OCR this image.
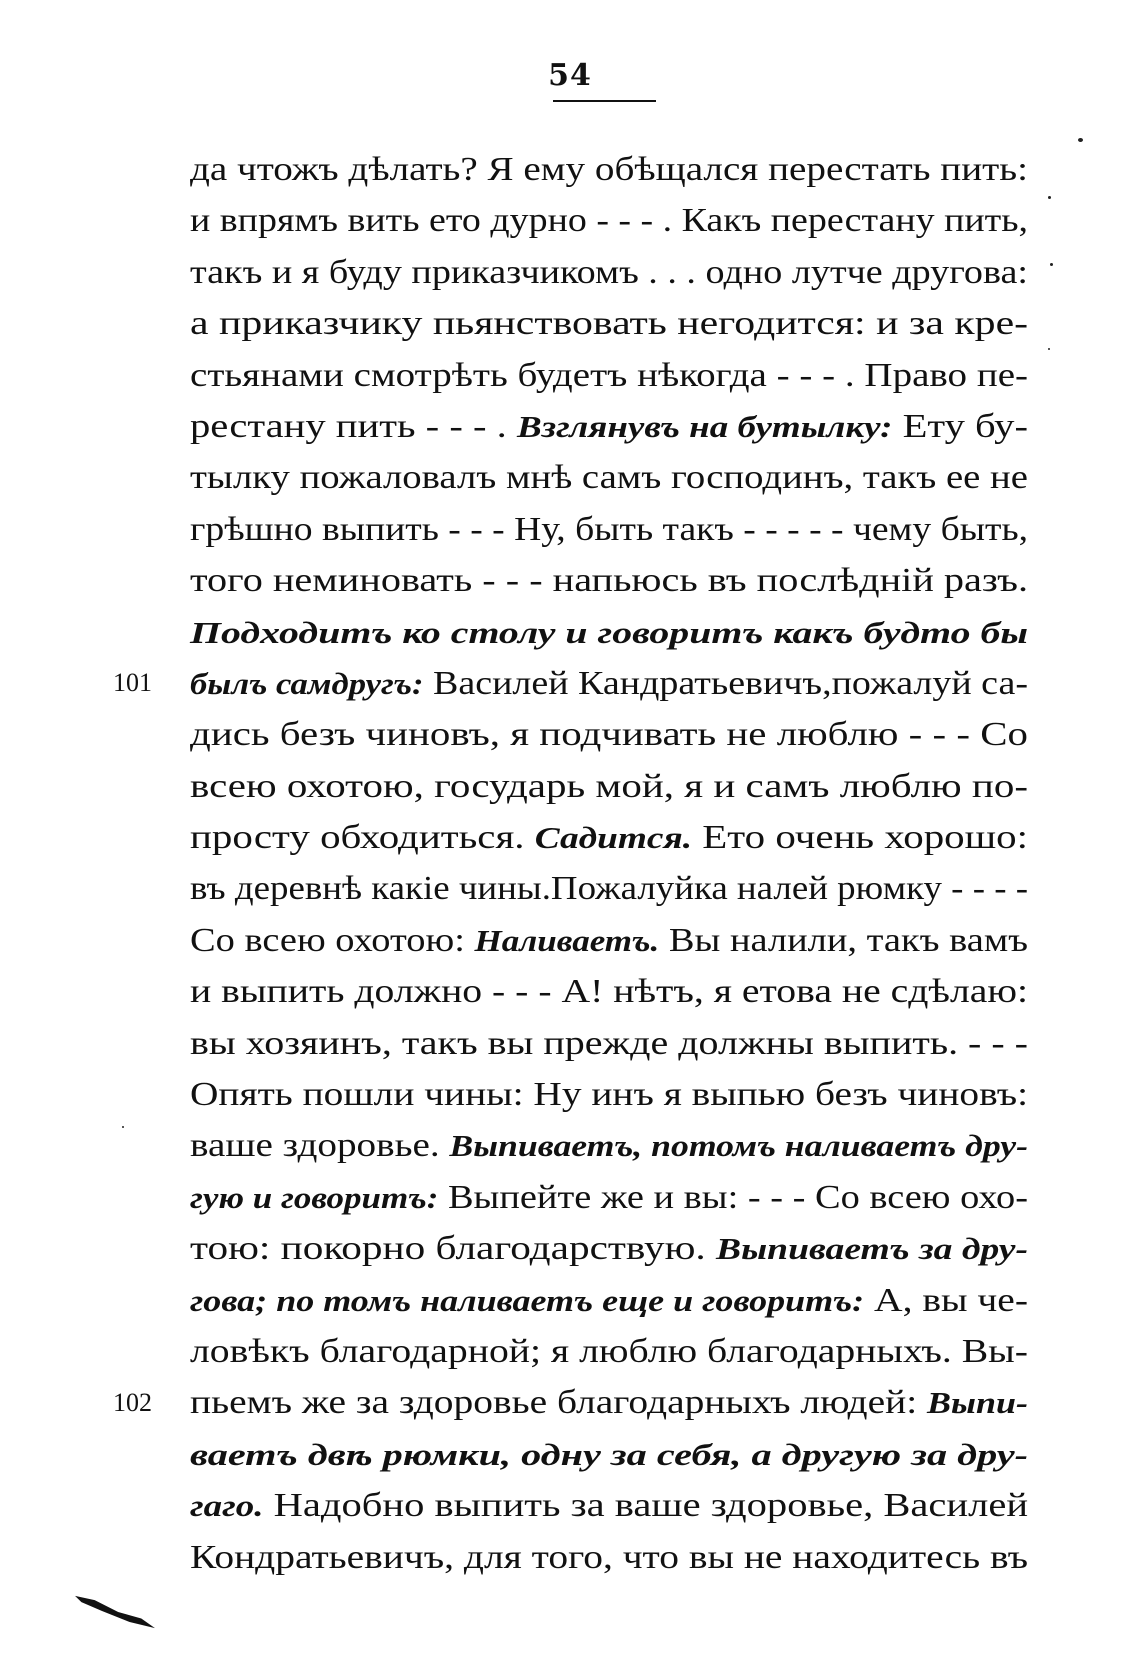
54
да чтожъ дѣлать? Я ему обѣщался перестать пить:
и впрямъ вить ето дурно - - - . Какъ перестану пить,
такъ и я буду приказчикомъ . . . одно лутче другова:
а приказчику пьянствовать негодится: и за кре-
стьянами смотрѣть будетъ нѣкогда - - - . Право пе-
рестану пить - - - . Взглянувъ на бутылку: Ету бу-
тылку пожаловалъ мнѣ самъ господинъ, такъ ее не
грѣшно выпить - - - Ну, быть такъ - - - - - чему быть,
того неминовать - - - напьюсь въ послѣдній разъ.
Подходитъ ко столу и говоритъ какъ будто бы
былъ самдругъ: Василей Кандратьевичъ,пожалуй са-
дись безъ чиновъ, я подчивать не люблю - - - Со
всею охотою, государь мой, я и самъ люблю по-
просту обходиться. Садится. Ето очень хорошо:
въ деревнѣ какіе чины.Пожалуйка налей рюмку - - - -
Со всею охотою: Наливаетъ. Вы налили, такъ вамъ
и выпить должно - - - А! нѣтъ, я етова не сдѣлаю:
вы хозяинъ, такъ вы прежде должны выпить. - - -
Опять пошли чины: Ну инъ я выпью безъ чиновъ:
ваше здоровье. Выпиваетъ, потомъ наливаетъ дру-
гую и говоритъ: Выпейте же и вы: - - - Со всею охо-
тою: покорно благодарствую. Выпиваетъ за дру-
гова; по томъ наливаетъ еще и говоритъ: А, вы че-
ловѣкъ благодарной; я люблю благодарныхъ. Вы-
пьемъ же за здоровье благодарныхъ людей: Выпи-
ваетъ двѣ рюмки, одну за себя, а другую за дру-
гаго. Надобно выпить за ваше здоровье, Василей
Кондратьевичъ, для того, что вы не находитесь въ
101
102
